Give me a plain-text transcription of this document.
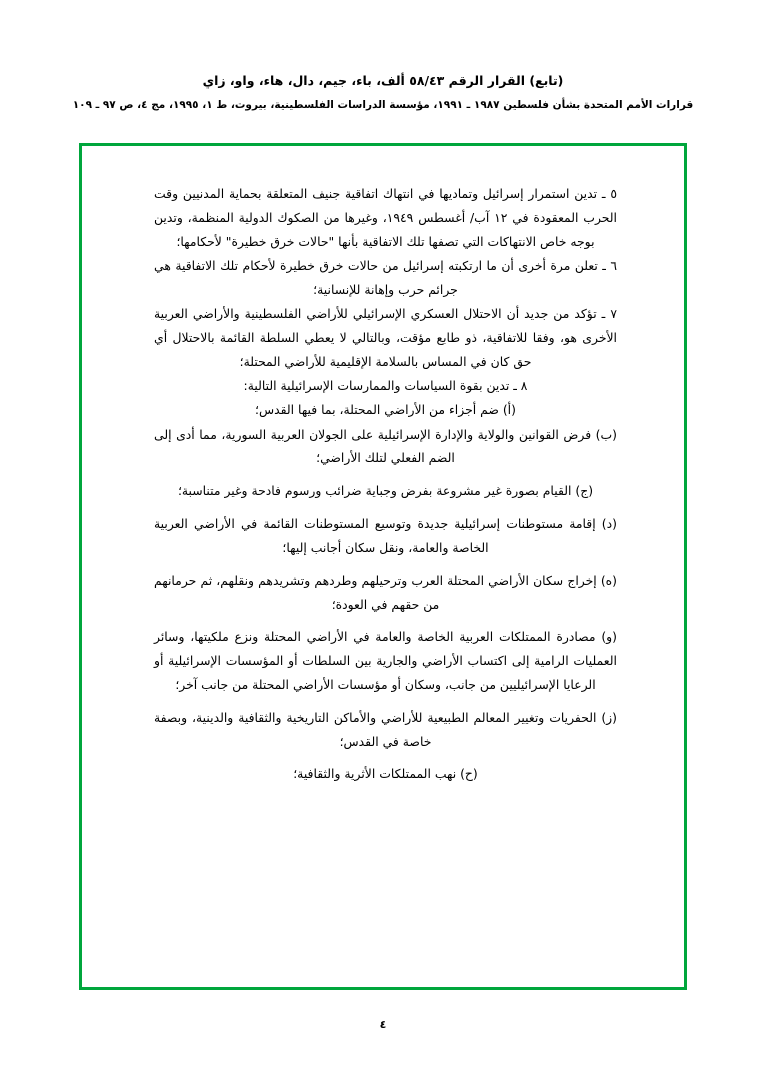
(تابع) القرار الرقم ٥٨/٤٣ ألف، باء، جيم، دال، هاء، واو، زاي
قرارات الأمم المتحدة بشأن فلسطين ١٩٨٧ ـ ١٩٩١، مؤسسة الدراسات الفلسطينية، بيروت، ط ١، ١٩٩٥، مج ٤، ص ٩٧ ـ ١٠٩

٥ ـ تدين استمرار إسرائيل وتماديها في انتهاك اتفاقية جنيف المتعلقة بحماية المدنيين وقت الحرب المعقودة في ١٢ آب/ أغسطس ١٩٤٩، وغيرها من الصكوك الدولية المنظمة، وتدين بوجه خاص الانتهاكات التي تصفها تلك الاتفاقية بأنها "حالات خرق خطيرة" لأحكامها؛

٦ ـ تعلن مرة أخرى أن ما ارتكبته إسرائيل من حالات خرق خطيرة لأحكام تلك الاتفاقية هي جرائم حرب وإهانة للإنسانية؛

٧ ـ تؤكد من جديد أن الاحتلال العسكري الإسرائيلي للأراضي الفلسطينية والأراضي العربية الأخرى هو، وفقا للاتفاقية، ذو طابع مؤقت، وبالتالي لا يعطي السلطة القائمة بالاحتلال أي حق كان في المساس بالسلامة الإقليمية للأراضي المحتلة؛

٨ ـ تدين بقوة السياسات والممارسات الإسرائيلية التالية:

(أ) ضم أجزاء من الأراضي المحتلة، بما فيها القدس؛

(ب) فرض القوانين والولاية والإدارة الإسرائيلية على الجولان العربية السورية، مما أدى إلى الضم الفعلي لتلك الأراضي؛

(ج) القيام بصورة غير مشروعة بفرض وجباية ضرائب ورسوم فادحة وغير متناسبة؛

(د) إقامة مستوطنات إسرائيلية جديدة وتوسيع المستوطنات القائمة في الأراضي العربية الخاصة والعامة، ونقل سكان أجانب إليها؛

(ه) إخراج سكان الأراضي المحتلة العرب وترحيلهم وطردهم وتشريدهم ونقلهم، ثم حرمانهم من حقهم في العودة؛

(و) مصادرة الممتلكات العربية الخاصة والعامة في الأراضي المحتلة ونزع ملكيتها، وسائر العمليات الرامية إلى اكتساب الأراضي والجارية بين السلطات أو المؤسسات الإسرائيلية أو الرعايا الإسرائيليين من جانب، وسكان أو مؤسسات الأراضي المحتلة من جانب آخر؛

(ز) الحفريات وتغيير المعالم الطبيعية للأراضي والأماكن التاريخية والثقافية والدينية، وبصفة خاصة في القدس؛

(ح) نهب الممتلكات الأثرية والثقافية؛

٤
